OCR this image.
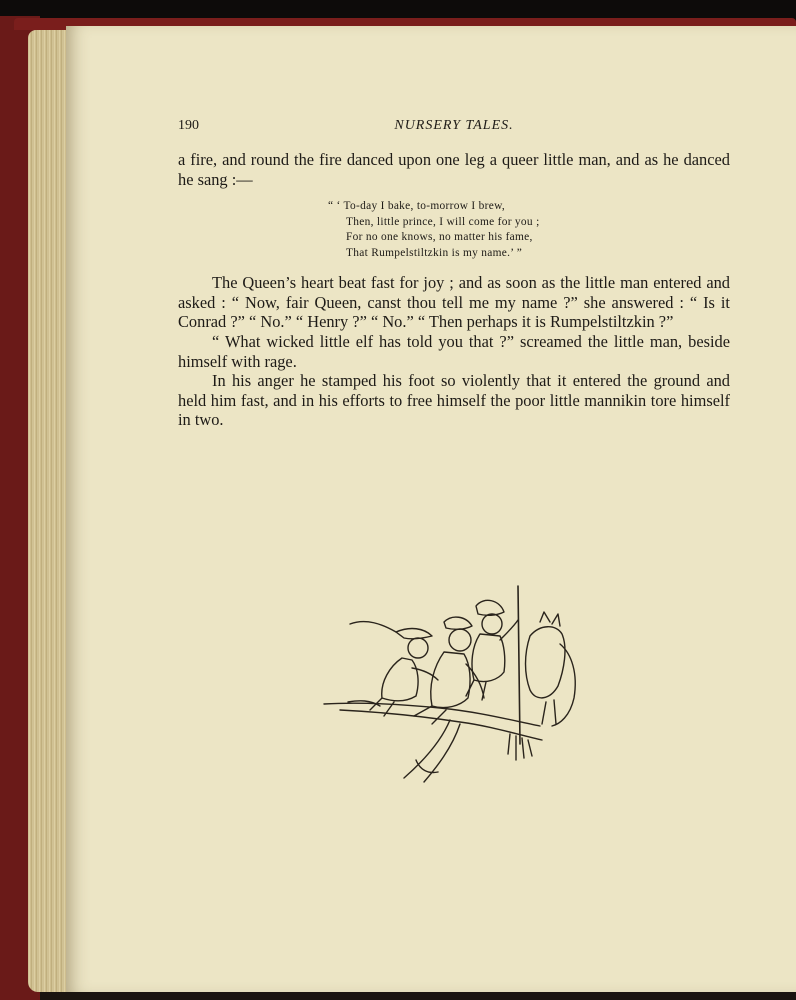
190	NURSERY TALES.

a fire, and round the fire danced upon one leg a queer little man, and as he danced he sang :—

“ ‘ To-day I bake, to-morrow I brew,
Then, little prince, I will come for you ;
For no one knows, no matter his fame,
That Rumpelstiltzkin is my name.’ ”

The Queen’s heart beat fast for joy ; and as soon as the little man entered and asked : “ Now, fair Queen, canst thou tell me my name ?” she answered : “ Is it Conrad ?” “ No.” “ Henry ?” “ No.” “ Then perhaps it is Rumpelstiltzkin ?”

“ What wicked little elf has told you that ?” screamed the little man, beside himself with rage.

In his anger he stamped his foot so violently that it entered the ground and held him fast, and in his efforts to free himself the poor little mannikin tore himself in two.
